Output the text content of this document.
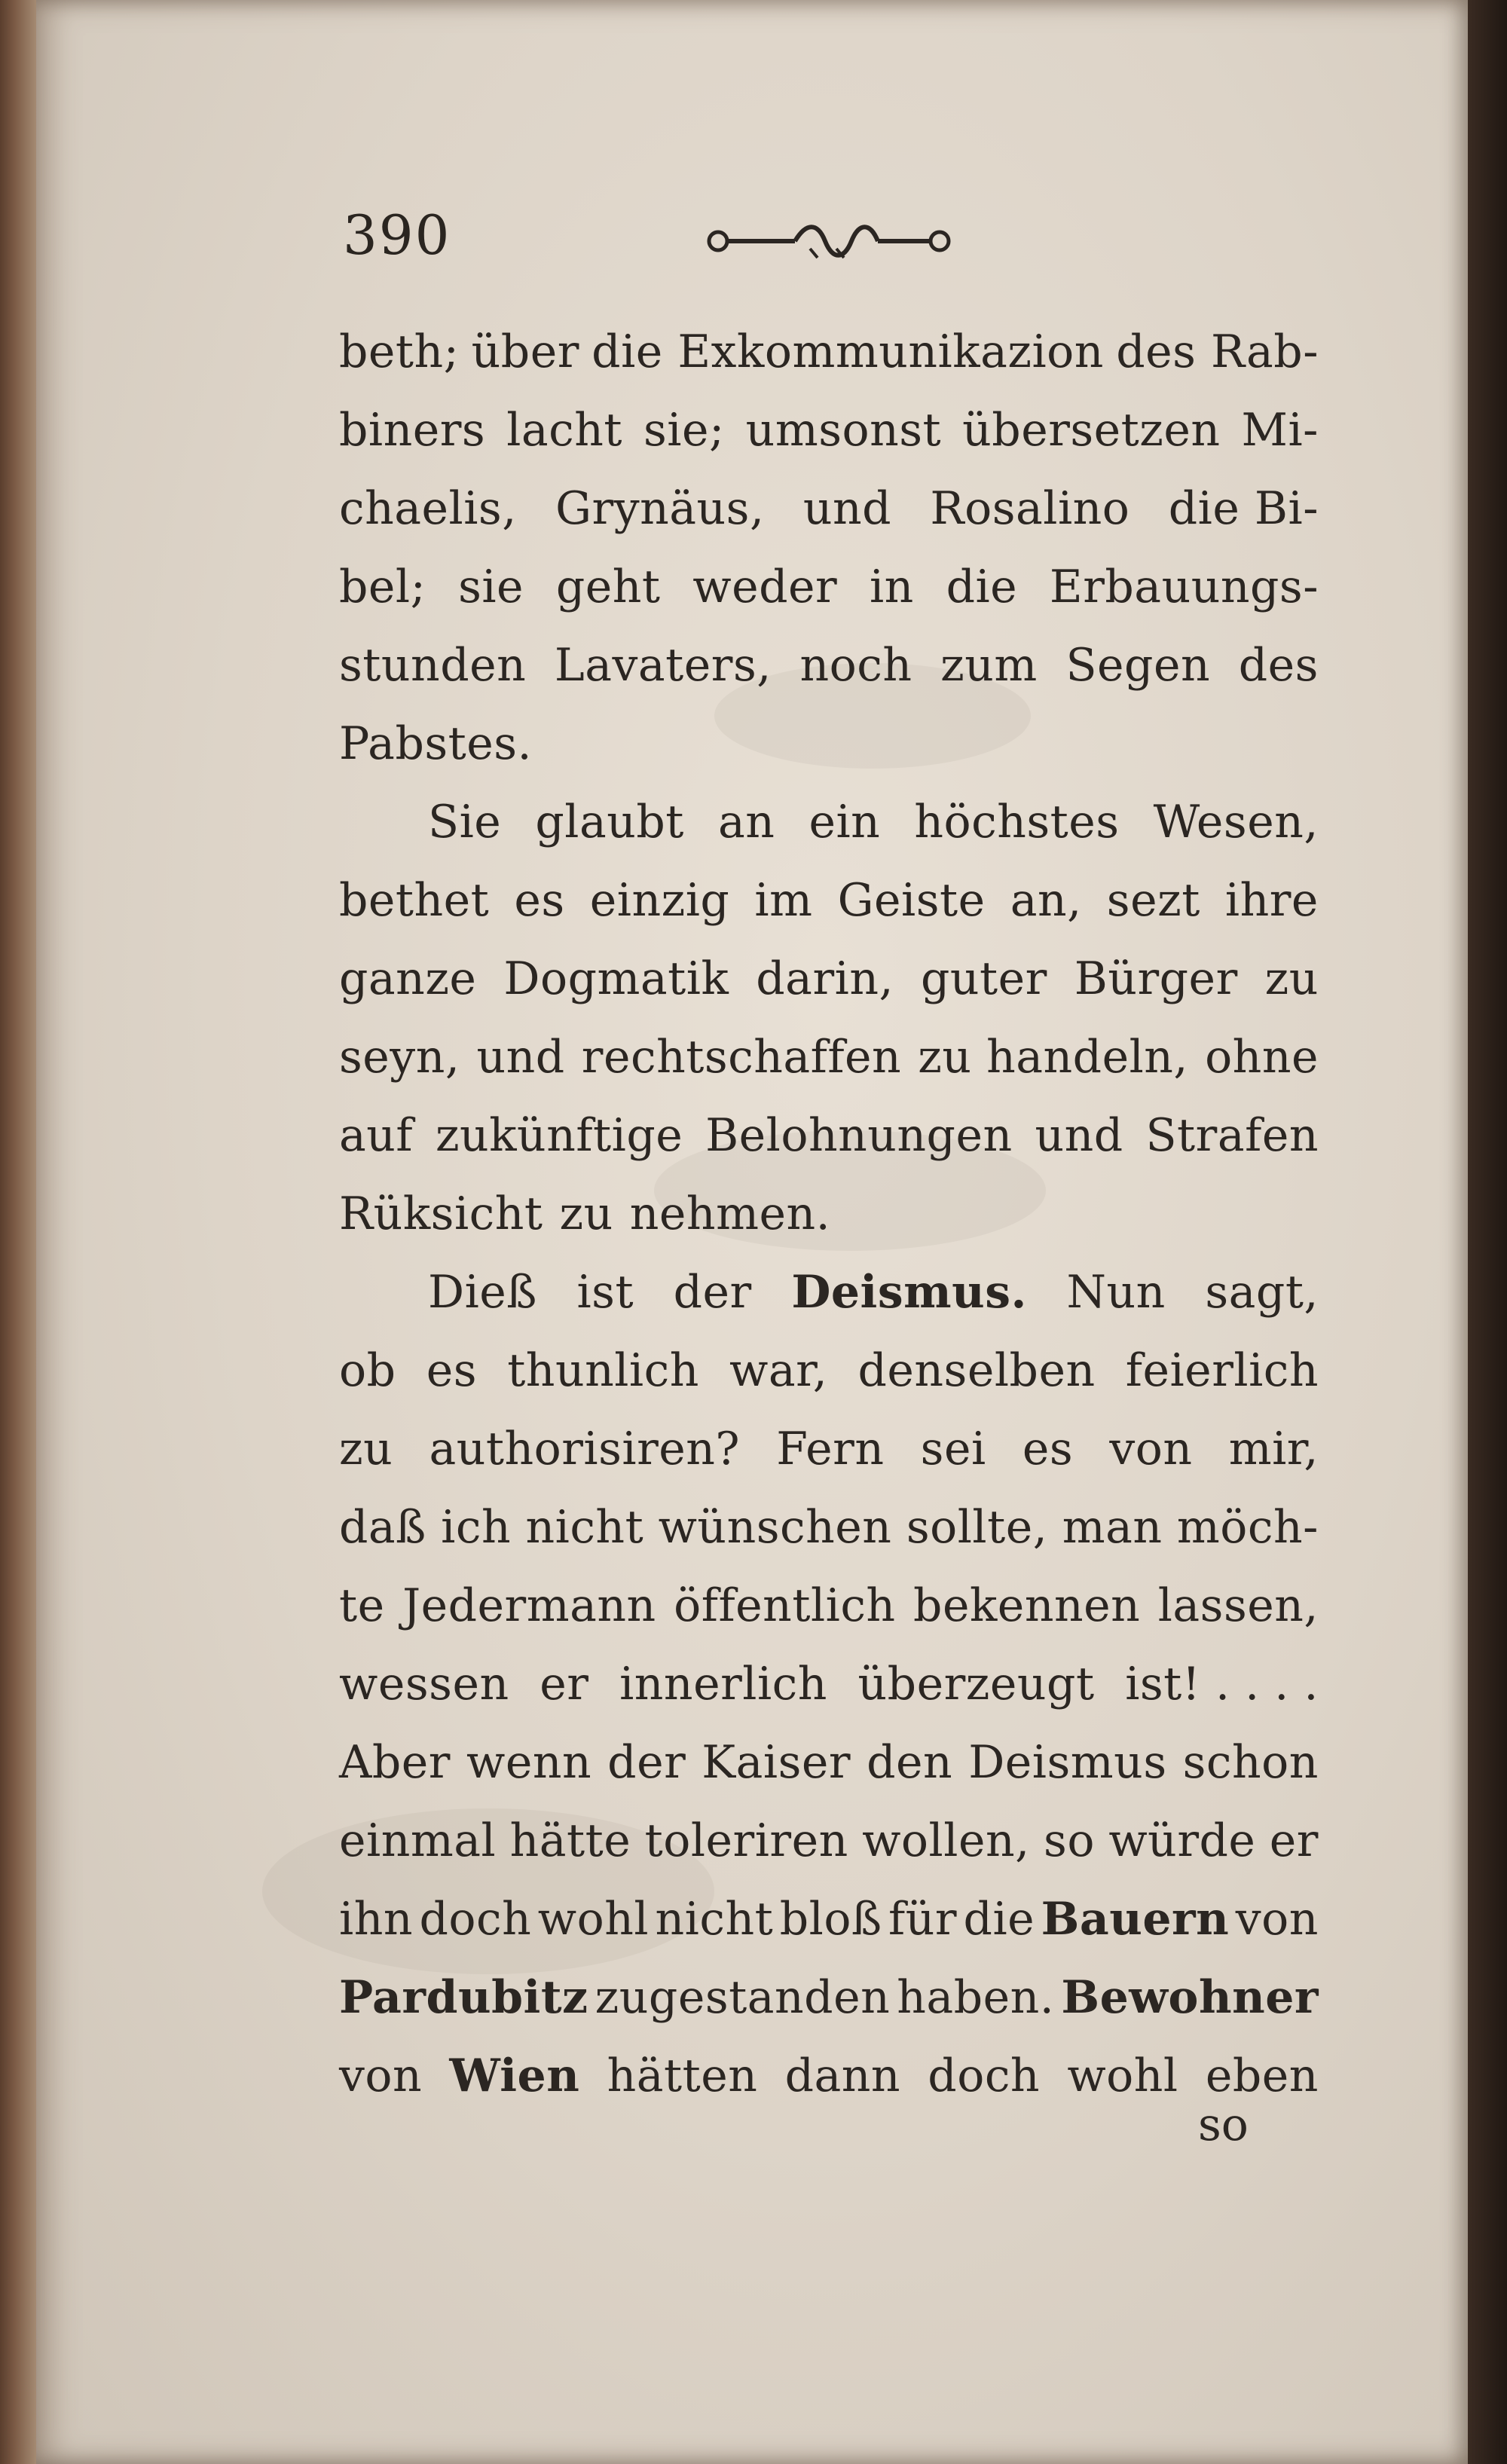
390
beth; über die Exkommunikazion des Rab-
biners lacht sie; umsonst übersetzen Mi-
chaelis, Grynäus, und Rosalino die Bi-
bel; sie geht weder in die Erbauungs-
stunden Lavaters, noch zum Segen des
Pabstes.
Sie glaubt an ein höchstes Wesen,
bethet es einzig im Geiste an, sezt ihre
ganze Dogmatik darin, guter Bürger zu
seyn, und rechtschaffen zu handeln, ohne
auf zukünftige Belohnungen und Strafen
Rüksicht zu nehmen.
Dieß ist der Deismus. Nun sagt,
ob es thunlich war, denselben feierlich
zu authorisiren? Fern sei es von mir,
daß ich nicht wünschen sollte, man möch-
te Jedermann öffentlich bekennen lassen,
wessen er innerlich überzeugt ist! . . . .
Aber wenn der Kaiser den Deismus schon
einmal hätte toleriren wollen, so würde er
ihn doch wohl nicht bloß für die Bauern von
Pardubitz zugestanden haben. Bewohner
von Wien hätten dann doch wohl eben
so
